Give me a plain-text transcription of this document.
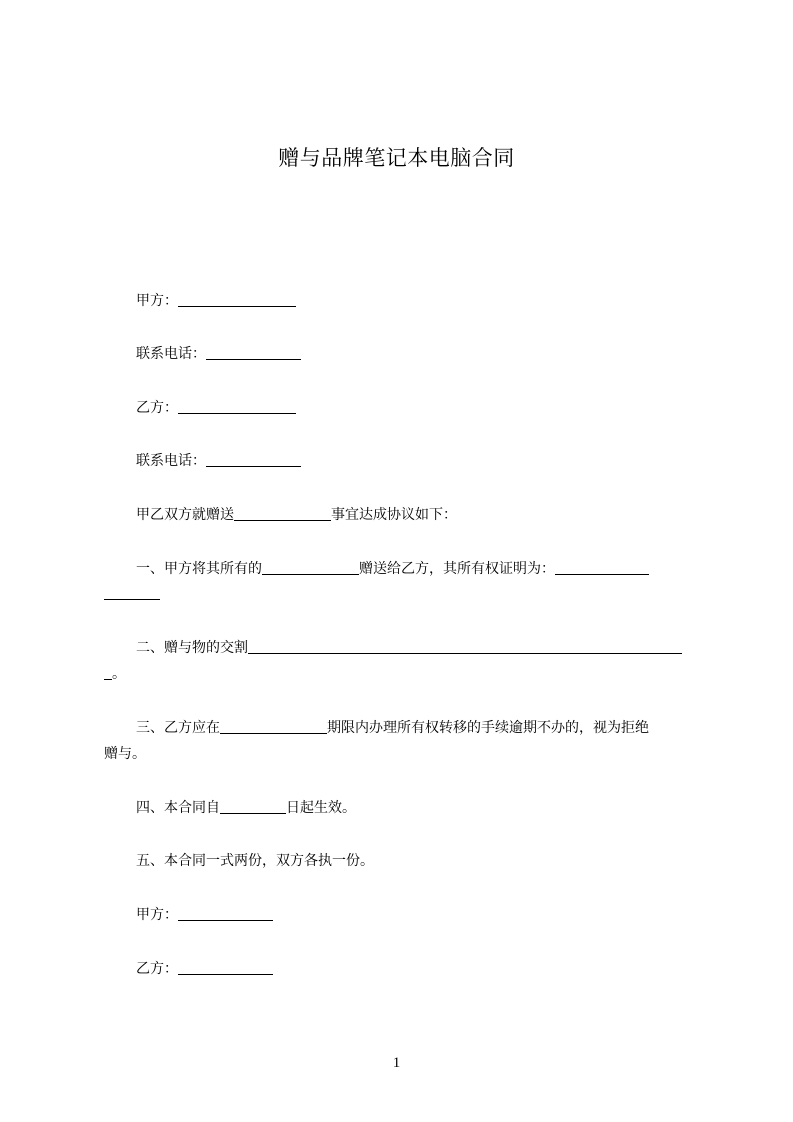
赠与品牌笔记本电脑合同
甲方：
联系电话：
乙方：
联系电话：
甲乙双方就赠送	事宜达成协议如下：
一、甲方将其所有的	赠送给乙方，其所有权证明为：
二、赠与物的交割
。
三、乙方应在	期限内办理所有权转移的手续逾期不办的，视为拒绝
赠与。
四、本合同自	日起生效。
五、本合同一式两份，双方各执一份。
甲方：
乙方：
1
